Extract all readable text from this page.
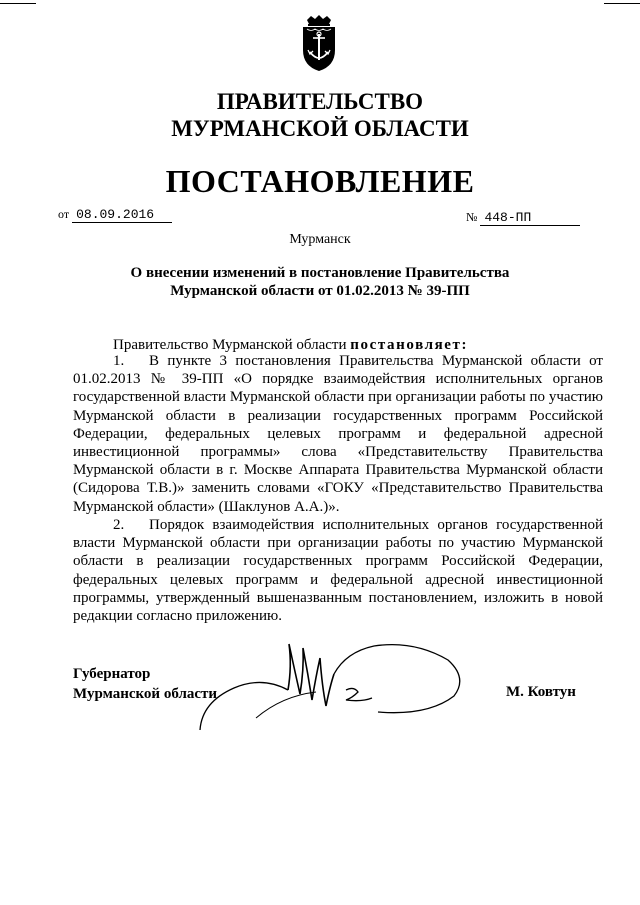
ПРАВИТЕЛЬСТВО
МУРМАНСКОЙ ОБЛАСТИ
ПОСТАНОВЛЕНИЕ
от 08.09.2016	№ 448-ПП
Мурманск
О внесении изменений в постановление Правительства Мурманской области от 01.02.2013 № 39-ПП
Правительство Мурманской области постановляет:
1. В пункте 3 постановления Правительства Мурманской области от 01.02.2013 № 39-ПП «О порядке взаимодействия исполнительных органов государственной власти Мурманской области при организации работы по участию Мурманской области в реализации государственных программ Российской Федерации, федеральных целевых программ и федеральной адресной инвестиционной программы» слова «Представительству Правительства Мурманской области в г. Москве Аппарата Правительства Мурманской области (Сидорова Т.В.)» заменить словами «ГОКУ «Представительство Правительства Мурманской области» (Шаклунов А.А.)».
2. Порядок взаимодействия исполнительных органов государственной власти Мурманской области при организации работы по участию Мурманской области в реализации государственных программ Российской Федерации, федеральных целевых программ и федеральной адресной инвестиционной программы, утвержденный вышеназванным постановлением, изложить в новой редакции согласно приложению.
Губернатор
Мурманской области	М. Ковтун
